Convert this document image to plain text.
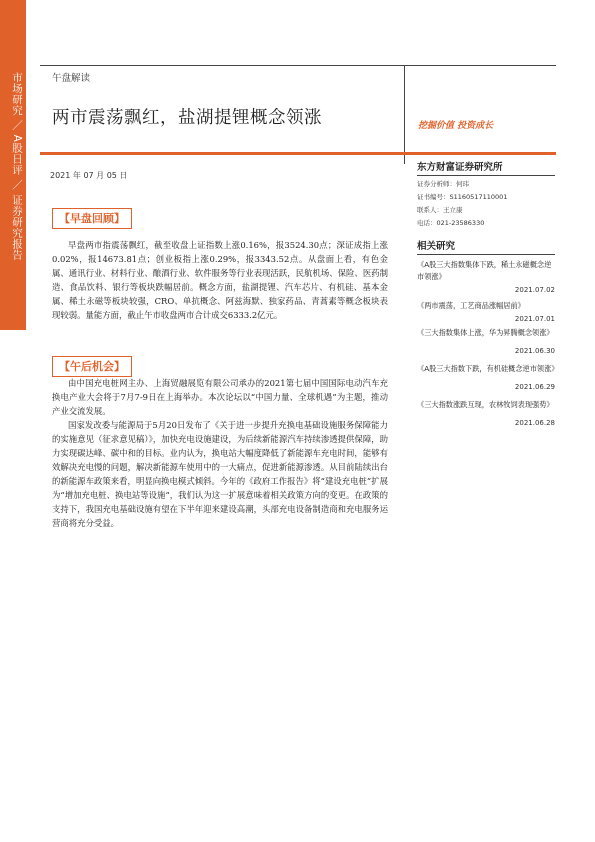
市场研究 ／ A股日评 ／ 证券研究报告	午盘解读
两市震荡飘红，盐湖提锂概念领涨	挖掘价值 投资成长
2021 年 07 月 05 日
【早盘回顾】

早盘两市指震荡飘红，截至收盘上证指数上涨0.16%，报3524.30点；深证成指上涨0.02%，报14673.81点；创业板指上涨0.29%，报3343.52点。从盘面上看，有色金属、通讯行业、材料行业、酿酒行业、软件服务等行业表现活跃，民航机场、保险、医药制造、食品饮料、银行等板块跌幅居前。概念方面，盐湖提锂、汽车芯片、有机硅、基本金属、稀土永磁等板块较强，CRO、单抗概念、阿兹海默、独家药品、青蒿素等概念板块表现较弱。量能方面，截止午市收盘两市合计成交6333.2亿元。

【午后机会】

由中国充电桩网主办、上海贸融展览有限公司承办的2021第七届中国国际电动汽车充换电产业大会将于7月7-9日在上海举办。本次论坛以“中国力量、全球机遇”为主题，推动产业交流发展。

国家发改委与能源局于5月20日发布了《关于进一步提升充换电基础设施服务保障能力的实施意见（征求意见稿）》，加快充电设施建设，为后续新能源汽车持续渗透提供保障，助力实现碳达峰、碳中和的目标。业内认为，换电站大幅度降低了新能源车充电时间，能够有效解决充电慢的问题，解决新能源车使用中的一大痛点，促进新能源渗透。从目前陆续出台的新能源车政策来看，明显向换电模式倾斜。今年的《政府工作报告》将“建设充电桩”扩展为“增加充电桩、换电站等设施”，我们认为这一扩展意味着相关政策方向的变更。在政策的支持下，我国充电基础设施有望在下半年迎来建设高潮，头部充电设备制造商和充电服务运营商将充分受益。

东方财富证券研究所
证券分析师：何玮
证书编号：S1160517110001
联系人：王立康
电话：021-23586330
相关研究
《A股三大指数集体下跌，稀土永磁概念逆市领涨》
2021.07.02
《两市震荡，工艺商品涨幅居前》
2021.07.01
《三大指数集体上涨，华为昇腾概念领涨》
2021.06.30
《A股三大指数下跌，有机硅概念逆市领涨》
2021.06.29
《三大指数涨跌互现，农林牧饲表现强势》
2021.06.28
